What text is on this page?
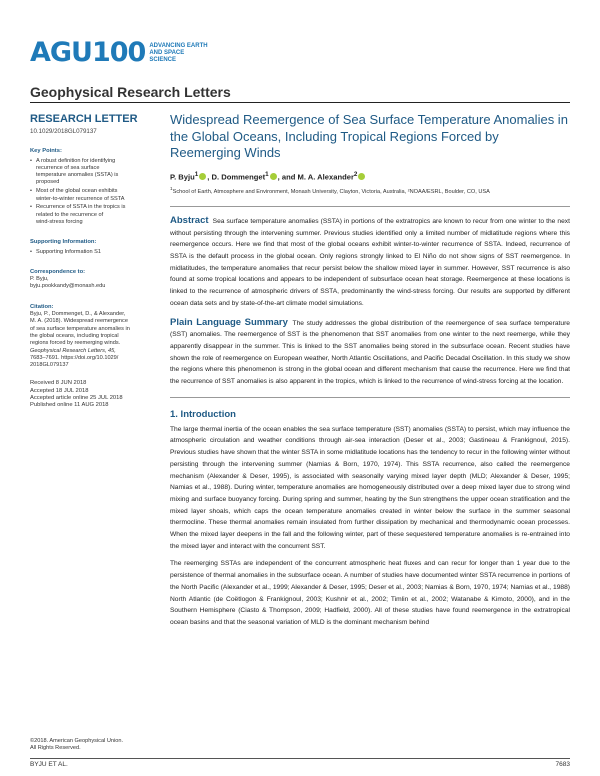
AGU100 ADVANCING EARTH AND SPACE SCIENCE
Geophysical Research Letters
RESEARCH LETTER
10.1029/2018GL079137
Key Points:
• A robust definition for identifying
recurrence of sea surface
temperature anomalies (SSTA) is
proposed
• Most of the global ocean exhibits
winter-to-winter recurrence of SSTA
• Recurrence of SSTA in the tropics is
related to the recurrence of
wind-stress forcing
Supporting Information:
• Supporting Information S1
Correspondence to:
P. Byju,
byju.pookkandy@monash.edu
Citation:
Byju, P., Dommenget, D., & Alexander,
M. A. (2018). Widespread reemergence
of sea surface temperature anomalies in
the global oceans, including tropical
regions forced by reemerging winds.
Geophysical Research Letters, 45,
7683–7691. https://doi.org/10.1029/
2018GL079137
Received 8 JUN 2018
Accepted 18 JUL 2018
Accepted article online 25 JUL 2018
Published online 11 AUG 2018
©2018. American Geophysical Union.
All Rights Reserved.
Widespread Reemergence of Sea Surface Temperature Anomalies in the Global Oceans, Including Tropical Regions Forced by Reemerging Winds
P. Byju$^1$ , D. Dommenget$^1$ , and M. A. Alexander$^2$
$^1$School of Earth, Atmosphere and Environment, Monash University, Clayton, Victoria, Australia, ²NOAA/ESRL, Boulder, CO, USA

Abstract Sea surface temperature anomalies (SSTA) in portions of the extratropics are known to recur from one winter to the next without persisting through the intervening summer. Previous studies identified only a limited number of midlatitude regions where this reemergence occurs. Here we find that most of the global oceans exhibit winter-to-winter recurrence of SSTA. Indeed, recurrence of SSTA is the default process in the global ocean. Only regions strongly linked to El Niño do not show signs of SST reemergence. In midlatitudes, the temperature anomalies that recur persist below the shallow mixed layer in summer. However, SST recurrence is also found at some tropical locations and appears to be independent of subsurface ocean heat storage. Reemergence at these locations is linked to the recurrence of atmospheric drivers of SSTA, predominantly the wind-stress forcing. Our results are supported by different ocean data sets and by state-of-the-art climate model simulations.

Plain Language Summary The study addresses the global distribution of the reemergence of sea surface temperature (SST) anomalies. The reemergence of SST is the phenomenon that SST anomalies from one winter to the next reemerge, while they apparently disappear in the summer. This is linked to the SST anomalies being stored in the subsurface ocean. Recent studies have shown the role of reemergence on European weather, North Atlantic Oscillations, and Pacific Decadal Oscillation. In this study we show the regions where this phenomenon is strong in the global ocean and different mechanism that cause the recurrence. Here we find that the recurrence of SST anomalies is also apparent in the tropics, which is linked to the recurrence of wind-stress forcing at the location.

1. Introduction

The large thermal inertia of the ocean enables the sea surface temperature (SST) anomalies (SSTA) to persist, which may influence the atmospheric circulation and weather conditions through air-sea interaction (Deser et al., 2003; Gastineau & Frankignoul, 2015). Previous studies have shown that the winter SSTA in some midlatitude locations has the tendency to recur in the following winter without persisting through the intervening summer (Namias & Born, 1970, 1974). This SSTA recurrence, also called the reemergence mechanism (Alexander & Deser, 1995), is associated with seasonally varying mixed layer depth (MLD; Alexander & Deser, 1995; Namias et al., 1988). During winter, temperature anomalies are homogeneously distributed over a deep mixed layer due to strong wind mixing and surface buoyancy forcing. During spring and summer, heating by the Sun strengthens the upper ocean stratification and the mixed layer shoals, which caps the ocean temperature anomalies created in winter below the surface in the summer seasonal thermocline. These thermal anomalies remain insulated from further dissipation by mechanical and thermodynamic ocean processes. When the mixed layer deepens in the fall and the following winter, part of these sequestered temperature anomalies is re-entrained into the mixed layer and interact with the concurrent SST.

The reemerging SSTAs are independent of the concurrent atmospheric heat fluxes and can recur for longer than 1 year due to the persistence of thermal anomalies in the subsurface ocean. A number of studies have documented winter SSTA recurrence in portions of the North Pacific (Alexander et al., 1999; Alexander & Deser, 1995; Deser et al., 2003; Namias & Born, 1970, 1974; Namias et al., 1988) North Atlantic (de Coëtlogon & Frankignoul, 2003; Kushnir et al., 2002; Timlin et al., 2002; Watanabe & Kimoto, 2000), and in the Southern Hemisphere (Ciasto & Thompson, 2009; Hadfield, 2000). All of these studies have found reemergence in the extratropical ocean basins and that the seasonal variation of MLD is the dominant mechanism behind

BYJU ET AL.	7683
